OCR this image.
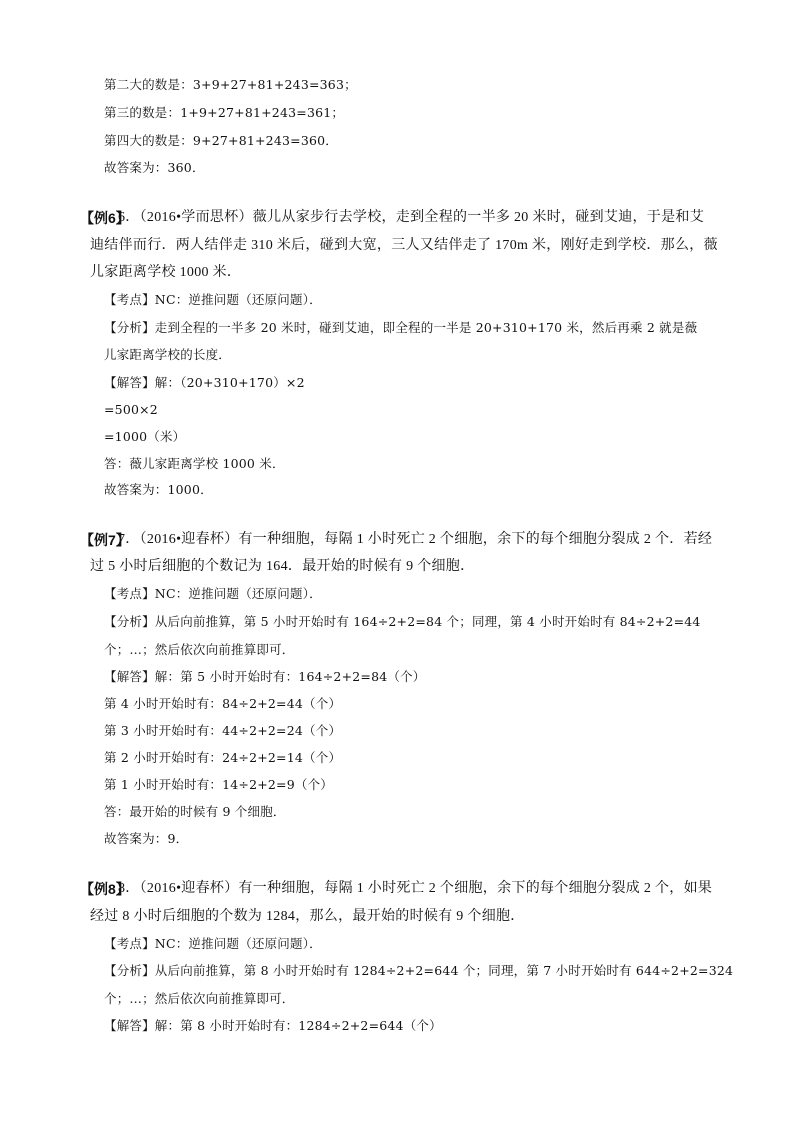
第二大的数是：3+9+27+81+243=363；
第三的数是：1+9+27+81+243=361；
第四大的数是：9+27+81+243=360．
故答案为：360．
【例6】
6．（2016•学而思杯）薇儿从家步行去学校，走到全程的一半多 20 米时，碰到艾迪，于是和艾
迪结伴而行．两人结伴走 310 米后，碰到大宽，三人又结伴走了 170m 米，刚好走到学校．那么，薇
儿家距离学校 1000 米．
【考点】NC：逆推问题（还原问题）．
【分析】走到全程的一半多 20 米时，碰到艾迪，即全程的一半是 20+310+170 米，然后再乘 2 就是薇
儿家距离学校的长度．
【解答】解：（20+310+170）×2
=500×2
=1000（米）
答：薇儿家距离学校 1000 米．
故答案为：1000．
【例7】
7．（2016•迎春杯）有一种细胞，每隔 1 小时死亡 2 个细胞，余下的每个细胞分裂成 2 个．若经
过 5 小时后细胞的个数记为 164．最开始的时候有 9 个细胞．
【考点】NC：逆推问题（还原问题）．
【分析】从后向前推算，第 5 小时开始时有 164÷2+2=84 个；同理，第 4 小时开始时有 84÷2+2=44
个；…；然后依次向前推算即可．
【解答】解：第 5 小时开始时有：164÷2+2=84（个）
第 4 小时开始时有：84÷2+2=44（个）
第 3 小时开始时有：44÷2+2=24（个）
第 2 小时开始时有：24÷2+2=14（个）
第 1 小时开始时有：14÷2+2=9（个）
答：最开始的时候有 9 个细胞．
故答案为：9．
【例8】
8．（2016•迎春杯）有一种细胞，每隔 1 小时死亡 2 个细胞，余下的每个细胞分裂成 2 个，如果
经过 8 小时后细胞的个数为 1284，那么，最开始的时候有 9 个细胞．
【考点】NC：逆推问题（还原问题）．
【分析】从后向前推算，第 8 小时开始时有 1284÷2+2=644 个；同理，第 7 小时开始时有 644÷2+2=324
个；…；然后依次向前推算即可．
【解答】解：第 8 小时开始时有：1284÷2+2=644（个）
